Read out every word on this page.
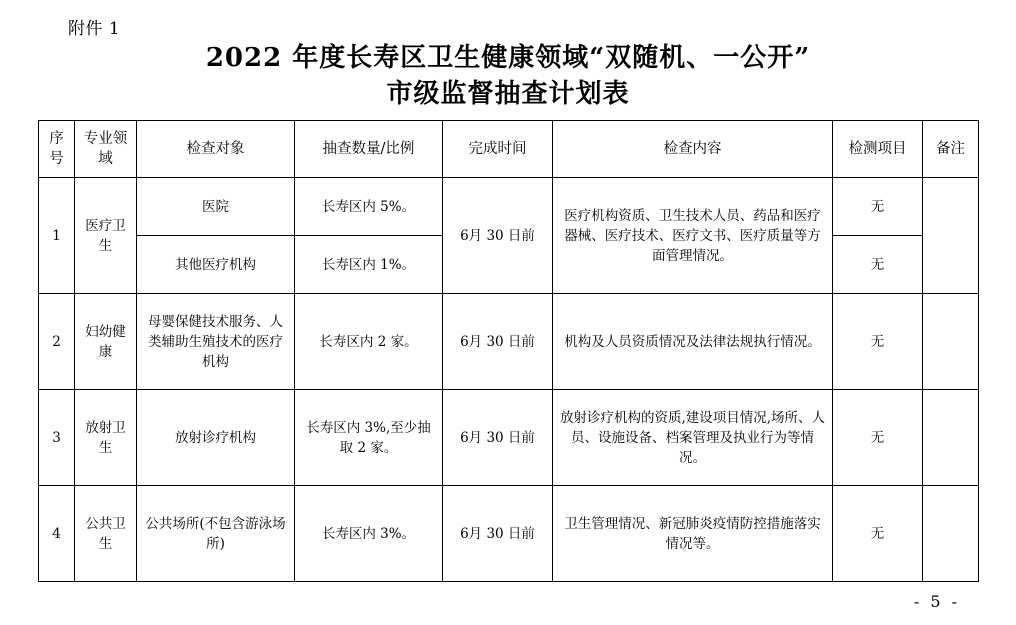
附件 1
2022 年度长寿区卫生健康领域“双随机、一公开”
市级监督抽查计划表
序号	专业领域	检查对象	抽查数量/比例	完成时间	检查内容	检测项目	备注
1	医疗卫生	医院	长寿区内 5%。	6月 30 日前	医疗机构资质、卫生技术人员、药品和医疗器械、医疗技术、医疗文书、医疗质量等方面管理情况。	无	
		其他医疗机构	长寿区内 1%。			无	
2	妇幼健康	母婴保健技术服务、人类辅助生殖技术的医疗机构	长寿区内 2 家。	6月 30 日前	机构及人员资质情况及法律法规执行情况。	无	
3	放射卫生	放射诊疗机构	长寿区内 3%,至少抽取 2 家。	6月 30 日前	放射诊疗机构的资质,建设项目情况,场所、人员、设施设备、档案管理及执业行为等情况。	无	
4	公共卫生	公共场所(不包含游泳场所)	长寿区内 3%。	6月 30 日前	卫生管理情况、新冠肺炎疫情防控措施落实情况等。	无	
- 5 -
